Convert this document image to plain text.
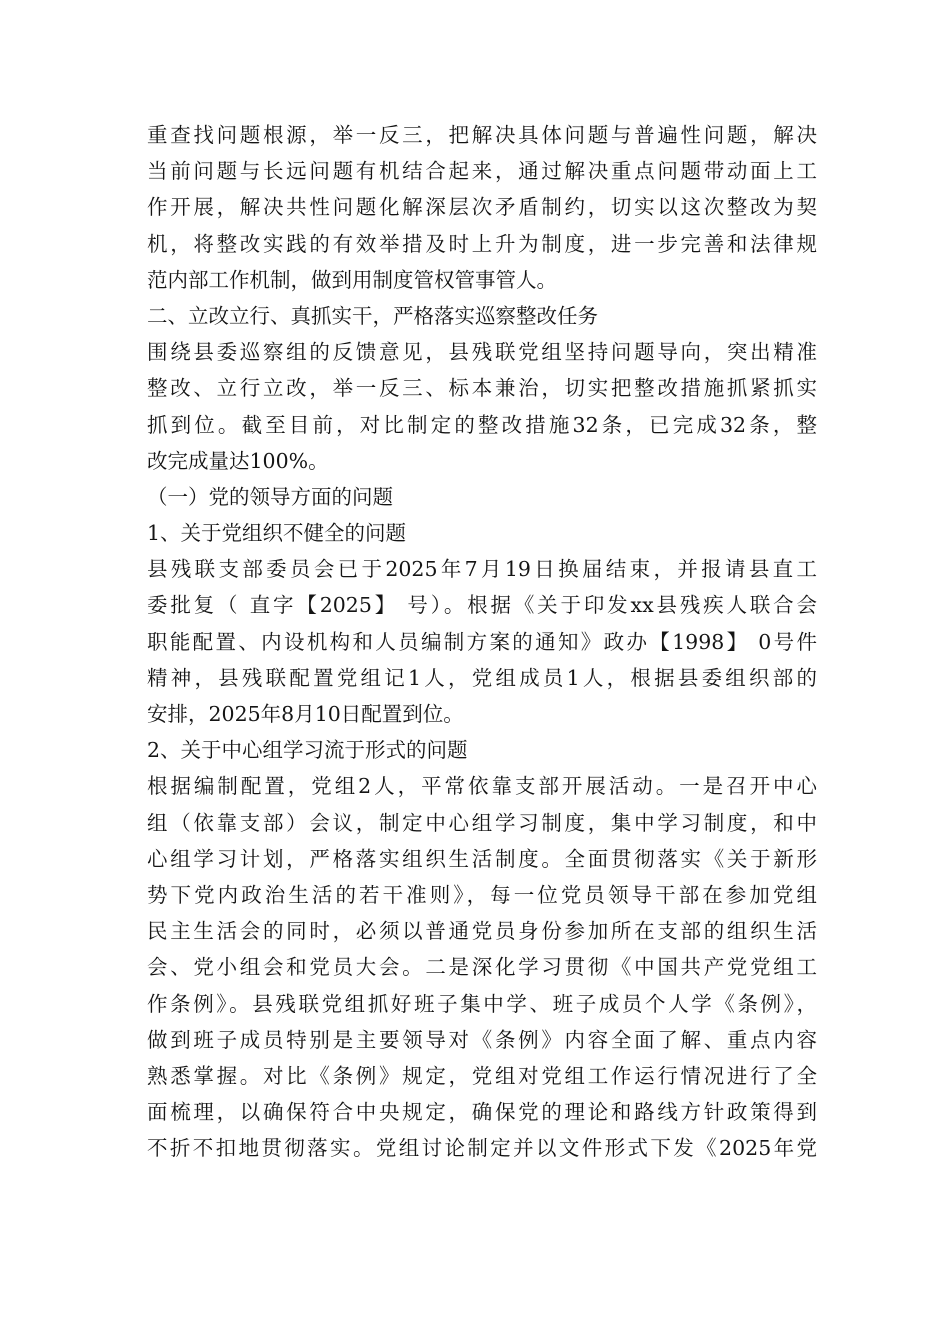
重查找问题根源，举一反三，把解决具体问题与普遍性问题，解决
当前问题与长远问题有机结合起来，通过解决重点问题带动面上工
作开展，解决共性问题化解深层次矛盾制约，切实以这次整改为契
机，将整改实践的有效举措及时上升为制度，进一步完善和法律规
范内部工作机制，做到用制度管权管事管人。
二、立改立行、真抓实干，严格落实巡察整改任务
围绕县委巡察组的反馈意见，县残联党组坚持问题导向，突出精准
整改、立行立改，举一反三、标本兼治，切实把整改措施抓紧抓实
抓到位。截至目前，对比制定的整改措施32条，已完成32条，整
改完成量达100%。
（一）党的领导方面的问题
1、关于党组织不健全的问题
县残联支部委员会已于2025年7月19日换届结束，并报请县直工
委批复（ 直字【2025】 号）。根据《关于印发xx县残疾人联合会
职能配置、内设机构和人员编制方案的通知》政办【1998】 0号件
精神，县残联配置党组记1人，党组成员1人，根据县委组织部的
安排，2025年8月10日配置到位。
2、关于中心组学习流于形式的问题
根据编制配置，党组2人，平常依靠支部开展活动。一是召开中心
组（依靠支部）会议，制定中心组学习制度，集中学习制度，和中
心组学习计划，严格落实组织生活制度。全面贯彻落实《关于新形
势下党内政治生活的若干准则》，每一位党员领导干部在参加党组
民主生活会的同时，必须以普通党员身份参加所在支部的组织生活
会、党小组会和党员大会。二是深化学习贯彻《中国共产党党组工
作条例》。县残联党组抓好班子集中学、班子成员个人学《条例》，
做到班子成员特别是主要领导对《条例》内容全面了解、重点内容
熟悉掌握。对比《条例》规定，党组对党组工作运行情况进行了全
面梳理，以确保符合中央规定，确保党的理论和路线方针政策得到
不折不扣地贯彻落实。党组讨论制定并以文件形式下发《2025年党
